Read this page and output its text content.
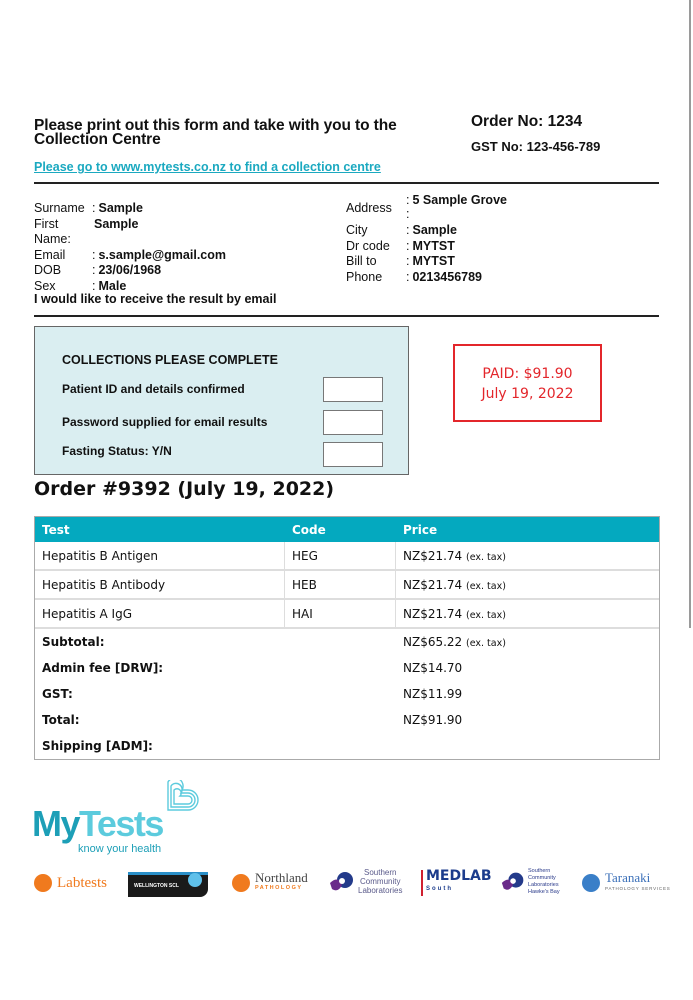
Please print out this form and take with you to the Collection Centre
Order No: 1234
GST No: 123-456-789
Please go to www.mytests.co.nz to find a collection centre
Surname : Sample
First Name:
Sample
Email	: s.sample@gmail.com
DOB	: 23/06/1968
Sex	: Male
Address
: 5 Sample Grove
:
City	: Sample
Dr code	: MYTST
Bill to	: MYTST
Phone	: 0213456789
I would like to receive the result by email
COLLECTIONS PLEASE COMPLETE
Patient ID and details confirmed
Password supplied for email results
Fasting Status: Y/N
PAID: $91.90
July 19, 2022
Order #9392 (July 19, 2022)
Test	Code	Price
Hepatitis B Antigen	HEG	NZ$21.74 (ex. tax)
Hepatitis B Antibody	HEB	NZ$21.74 (ex. tax)
Hepatitis A IgG	HAI	NZ$21.74 (ex. tax)
Subtotal:	NZ$65.22 (ex. tax)
Admin fee [DRW]:	NZ$14.70
GST:	NZ$11.99
Total:	NZ$91.90
Shipping [ADM]:
MyTests
know your health
Labtests	WELLINGTON SCL
Northland
PATHOLOGY
Southern
Community
Laboratories
MEDLAB
South
Southern
Community
Laboratories
Hawke's Bay
Taranaki
PATHOLOGY SERVICES
